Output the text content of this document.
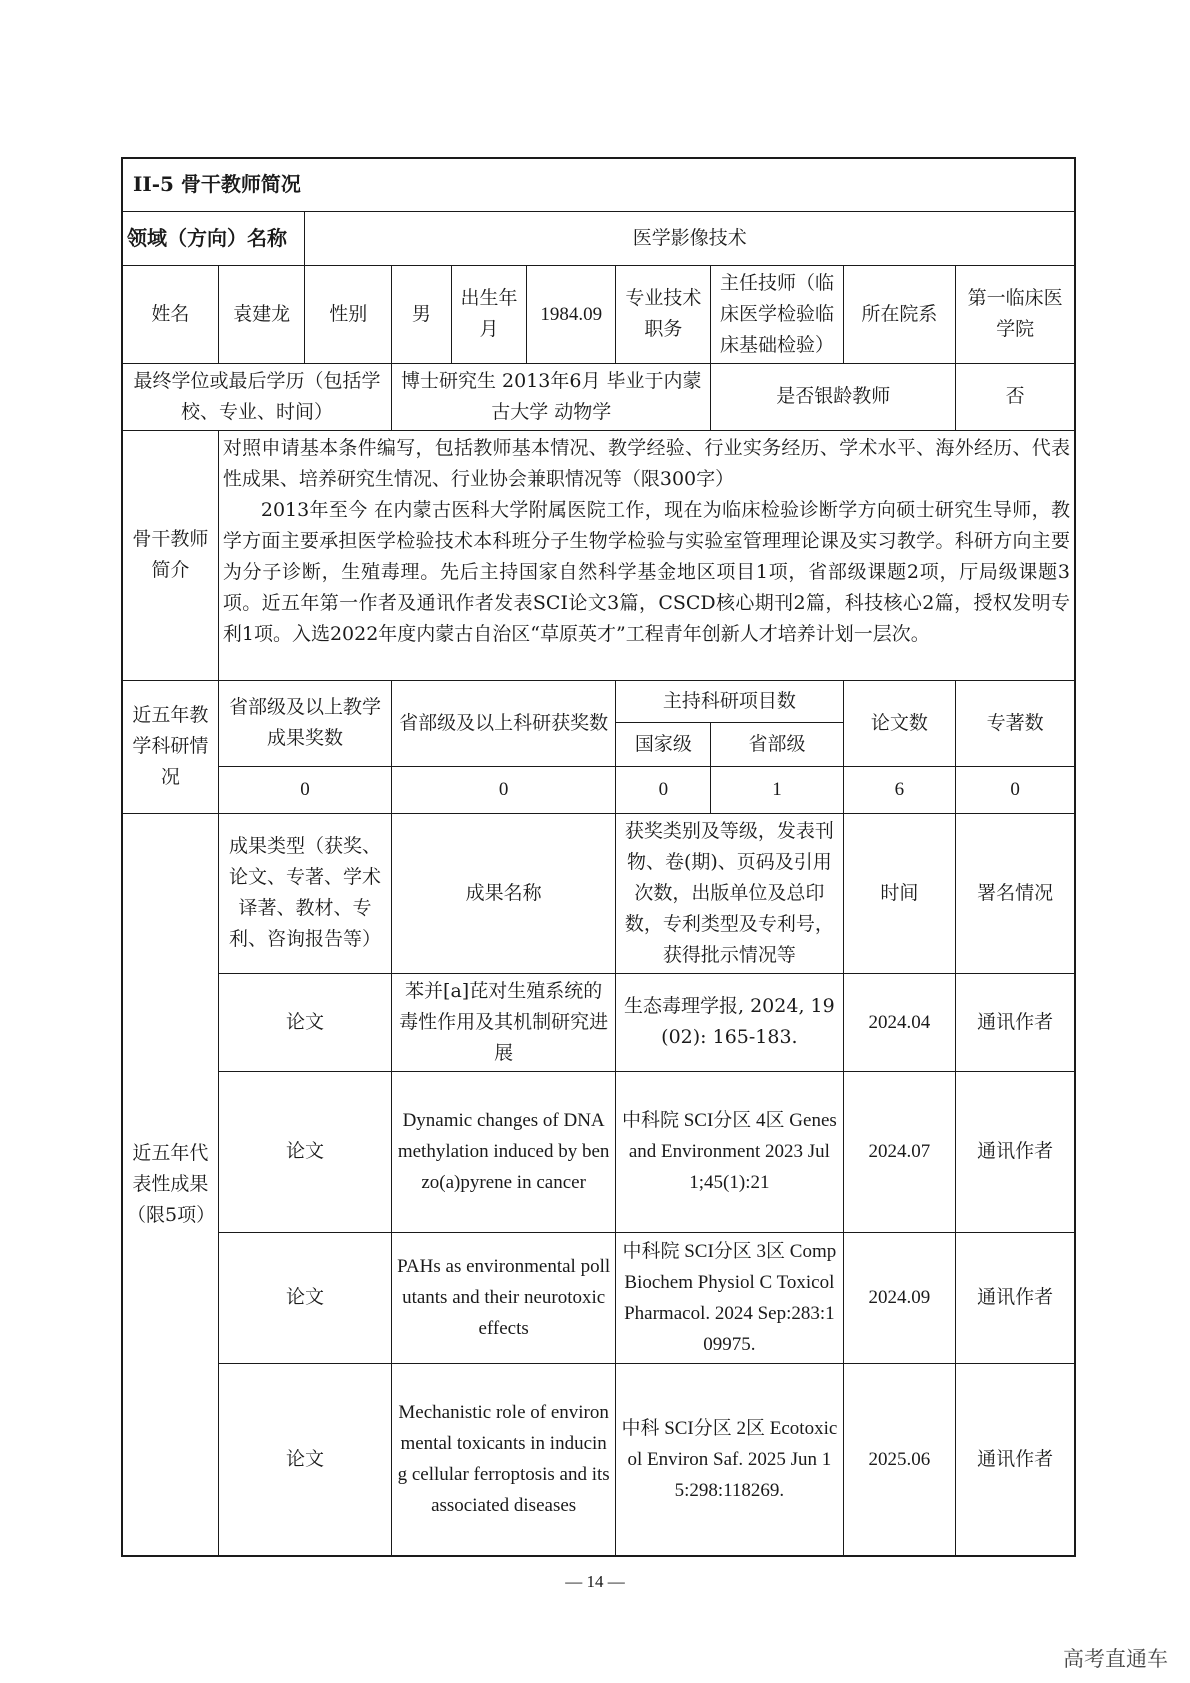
II-5 骨干教师简况									
领域（方向）名称		医学影像技术							
姓名	袁建龙	性别	男	出生年月	1984.09	专业技术职务	主任技师（临床医学检验临床基础检验）	所在院系	第一临床医学院
最终学位或最后学历（包括学校、专业、时间）			博士研究生 2013年6月 毕业于内蒙古大学 动物学				是否银龄教师		否
骨干教师简介	对照申请基本条件编写，包括教师基本情况、教学经验、行业实务经历、学术水平、海外经历、代表性成果、培养研究生情况、行业协会兼职情况等（限300字）

2013年至今 在内蒙古医科大学附属医院工作，现在为临床检验诊断学方向硕士研究生导师，教学方面主要承担医学检验技术本科班分子生物学检验与实验室管理理论课及实习教学。科研方向主要为分子诊断，生殖毒理。先后主持国家自然科学基金地区项目1项，省部级课题2项，厅局级课题3项。近五年第一作者及通讯作者发表SCI论文3篇，CSCD核心期刊2篇，科技核心2篇，授权发明专利1项。入选2022年度内蒙古自治区“草原英才”工程青年创新人才培养计划一层次。								

近五年教学科研情况	省部级及以上教学成果奖数		省部级及以上科研获奖数			主持科研项目数		论文数	专著数
						国家级	省部级		
	0		0			0	1	6	0
近五年代表性成果（限5项）	成果类型（获奖、论文、专著、学术译著、教材、专利、咨询报告等）		成果名称			获奖类别及等级，发表刊物、卷(期)、页码及引用次数，出版单位及总印数，专利类型及专利号，获得批示情况等		时间	署名情况
	论文		苯并[a]芘对生殖系统的毒性作用及其机制研究进展			生态毒理学报, 2024, 19(02): 165-183.		2024.04	通讯作者
	论文		Dynamic changes of DNA methylation induced by benzo(a)pyrene in cancer			中科院 SCI分区 4区 Genes and Environment 2023 Jul 1;45(1):21		2024.07	通讯作者
	论文		PAHs as environmental pollutants and their neurotoxic effects			中科院 SCI分区 3区 Comp Biochem Physiol C Toxicol Pharmacol. 2024 Sep:283:109975.		2024.09	通讯作者
	论文		Mechanistic role of environmental toxicants in inducing cellular ferroptosis and its associated diseases			中科 SCI分区 2区 Ecotoxicol Environ Saf. 2025 Jun 15:298:118269.		2025.06	通讯作者
— 14 —
高考直通车
